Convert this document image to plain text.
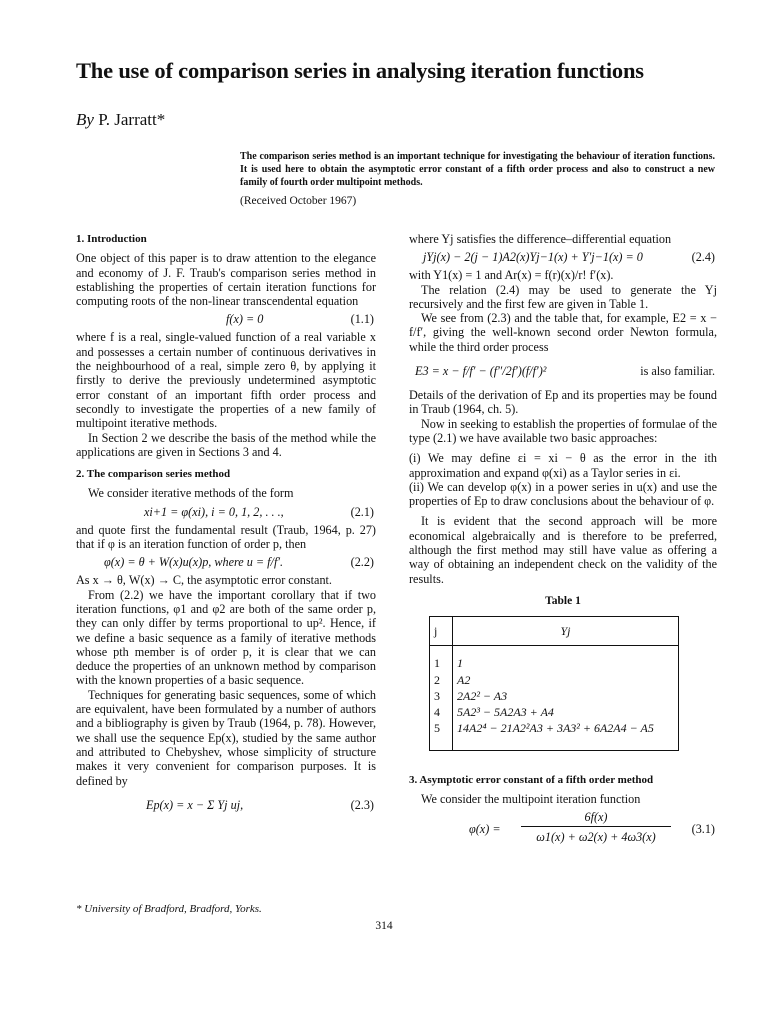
The use of comparison series in analysing iteration functions
By P. Jarratt*
The comparison series method is an important technique for investigating the behaviour of iteration functions. It is used here to obtain the asymptotic error constant of a fifth order process and also to construct a new family of fourth order multipoint methods.
(Received October 1967)
1. Introduction

One object of this paper is to draw attention to the elegance and economy of J. F. Traub's comparison series method in establishing the properties of certain iteration functions for computing roots of the non-linear transcendental equation

f(x) = 0	(1.1)

where f is a real, single-valued function of a real variable x and possesses a certain number of continuous derivatives in the neighbourhood of a real, simple zero θ, by applying it firstly to derive the previously undetermined asymptotic error constant of an important fifth order process and secondly to investigate the properties of a new family of multipoint iterative methods.

In Section 2 we describe the basis of the method while the applications are given in Sections 3 and 4.

2. The comparison series method

We consider iterative methods of the form

xi+1 = φ(xi), i = 0, 1, 2, . . .,	(2.1)

and quote first the fundamental result (Traub, 1964, p. 27) that if φ is an iteration function of order p, then

φ(x) = θ + W(x)u(x)p, where u = f/f′.	(2.2)

As x → θ, W(x) → C, the asymptotic error constant.

From (2.2) we have the important corollary that if two iteration functions, φ1 and φ2 are both of the same order p, they can only differ by terms proportional to up². Hence, if we define a basic sequence as a family of iterative methods whose pth member is of order p, it is clear that we can deduce the properties of an unknown method by comparison with the known properties of a basic sequence.

Techniques for generating basic sequences, some of which are equivalent, have been formulated by a number of authors and a bibliography is given by Traub (1964, p. 78). However, we shall use the sequence Ep(x), studied by the same author and attributed to Chebyshev, whose simplicity of structure makes it very convenient for comparison purposes. It is defined by

Ep(x) = x − Σ Yj uj,	(2.3)

where Yj satisfies the difference–differential equation

jYj(x) − 2(j − 1)A2(x)Yj−1(x) + Y′j−1(x) = 0	(2.4)

with Y1(x) = 1 and Ar(x) = f(r)(x)/r! f′(x).

The relation (2.4) may be used to generate the Yj recursively and the first few are given in Table 1.

We see from (2.3) and the table that, for example, E2 = x − f/f′, giving the well-known second order Newton formula, while the third order process

E3 = x − f/f′ − (f″/2f′)(f/f′)²	is also familiar.

Details of the derivation of Ep and its properties may be found in Traub (1964, ch. 5).

Now in seeking to establish the properties of formulae of the type (2.1) we have available two basic approaches:

(i) We may define εi = xi − θ as the error in the ith approximation and expand φ(xi) as a Taylor series in εi.

(ii) We can develop φ(x) in a power series in u(x) and use the properties of Ep to draw conclusions about the behaviour of φ.

It is evident that the second approach will be more economical algebraically and is therefore to be preferred, although the first method may still have value as offering a way of obtaining an independent check on the validity of the results.

Table 1
j	Yj
1	1
2	A2
3	2A2² − A3
4	5A2³ − 5A2A3 + A4
5	14A2⁴ − 21A2²A3 + 3A3² + 6A2A4 − A5
3. Asymptotic error constant of a fifth order method

We consider the multipoint iteration function

φ(x) =
6f(x)
ω1(x) + ω2(x) + 4ω3(x)
(3.1)
* University of Bradford, Bradford, Yorks.
314
